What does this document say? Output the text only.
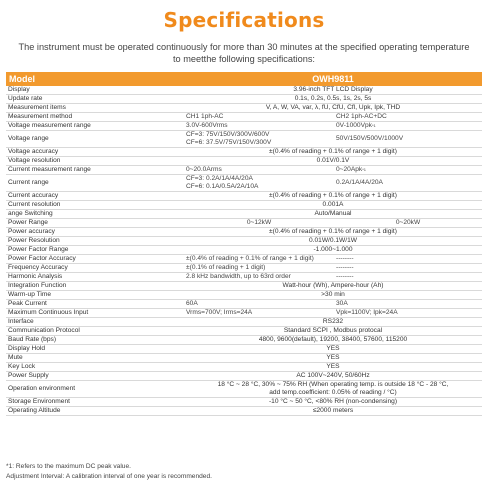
Specifications
The instrument must be operated continuously for more than 30 minutes at the specified operating temperature to meetthe following specifications:
Model	OWH9811	
Display	3.96-inch TFT LCD Display	
Update rate	0.1s, 0.2s, 0.5s, 1s, 2s, 5s	
Measurement items	V, A, W, VA, var, λ, fU, CfU, Cfl, Upk, Ipk, THD	
Measurement method	CH1 1ph-AC	CH2 1ph-AC+DC
Voltage measurement range	3.0V-600Vrms	0V-1000Vpk$^{*1}$
Voltage range	CF=3: 75V/150V/300V/600V
CF=6: 37.5V/75V/150V/300V	50V/150V/500V/1000V
Voltage accuracy	±(0.4% of reading + 0.1% of range + 1 digit)	
Voltage resolution	0.01V/0.1V	
Current measurement range	0~20.0Arms	0~20Apk$^{*1}$
Current range	CF=3: 0.2A/1A/4A/20A
CF=6: 0.1A/0.5A/2A/10A	0.2A/1A/4A/20A
Current accuracy	±(0.4% of reading + 0.1% of range + 1 digit)	
Current resolution	0.001A	
ange Switching	Auto/Manual	
Power Range	0~12kW	0~20kW
Power accuracy	±(0.4% of reading + 0.1% of range + 1 digit)	
Power Resolution	0.01W/0.1W/1W	
Power Factor Range	-1.000~1.000	
Power Factor Accuracy	±(0.4% of reading + 0.1% of range + 1 digit)	--------
Frequency Accuracy	±(0.1% of reading + 1 digit)	--------
Harmonic Analysis	2.8 kHz bandwidth, up to 63rd order	--------
Integration Function	Watt-hour (Wh), Ampere-hour (Ah)	
Warm-up Time	>30 min	
Peak Current	60A	30A
Maximum Continuous Input	Vrms=700V; Irms=24A	Vpk=1100V; Ipk=24A
Interface	RS232	
Communication Protocol	Standard SCPI , Modbus protocal	
Baud Rate (bps)	4800, 9600(default), 19200, 38400, 57600, 115200	
Display Hold	YES	
Mute	YES	
Key Lock	YES	
Power Supply	AC 100V~240V, 50/60Hz	
Operation environment	18 °C ~ 28 °C, 30% ~ 75% RH (When operating temp. is outside 18 °C - 28 °C,
add temp.coefficient: 0.05% of reading / °C)	

Storage Environment	-10 °C ~ 50 °C, <80% RH (non-condensing)	
Operating Altitude	≤2000 meters	
*1: Refers to the maximum DC peak value.
Adjustment Interval: A calibration interval of one year is recommended.
